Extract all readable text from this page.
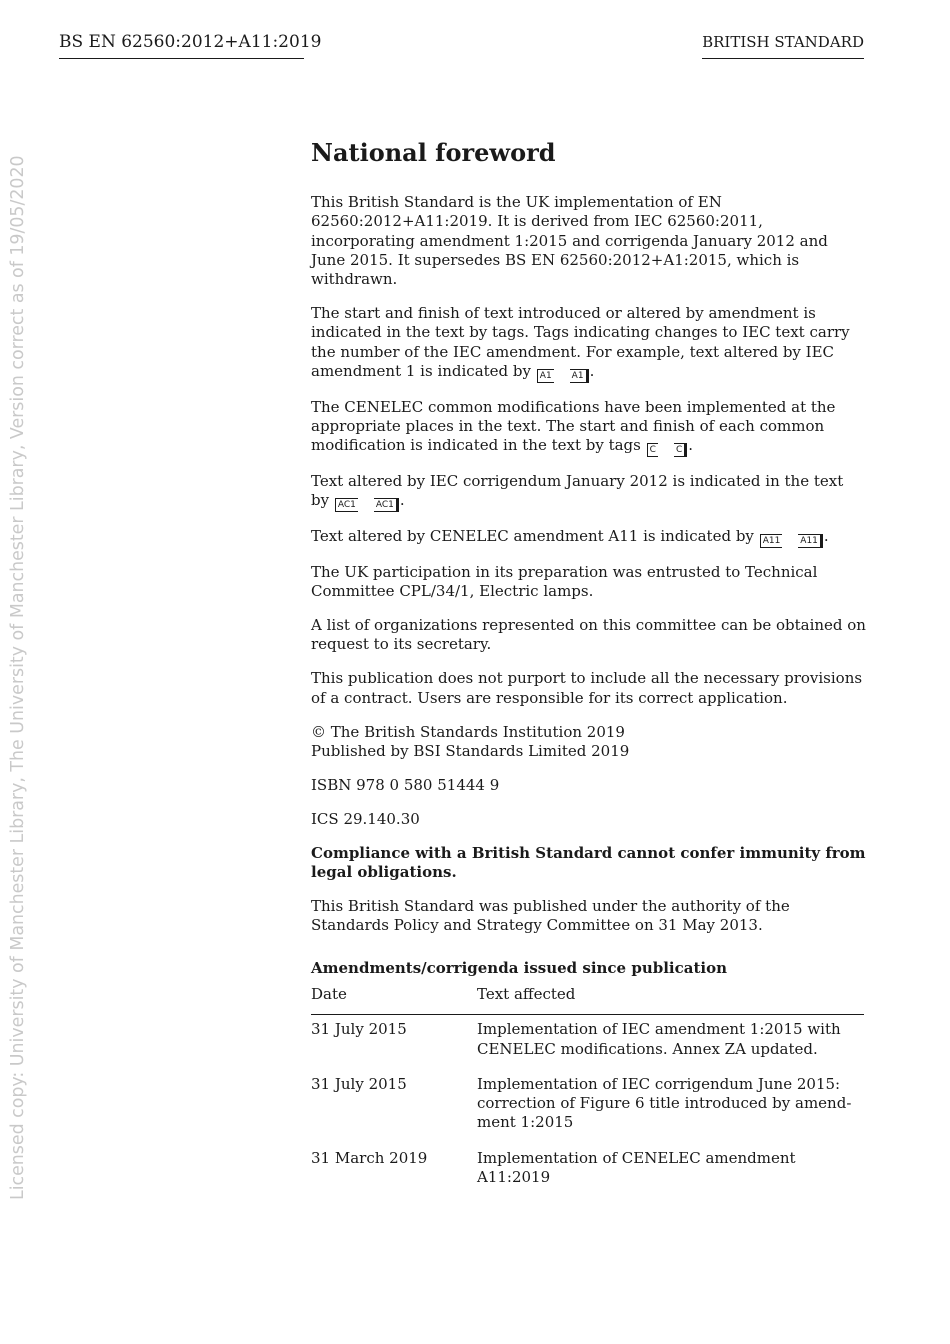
BS EN 62560:2012+A11:2019	BRITISH STANDARD
Licensed copy: University of Manchester Library, The University of Manchester Library, Version correct as of 19/05/2020
National foreword

This British Standard is the UK implementation of EN 62560:2012+A11:2019. It is derived from IEC 62560:2011, incorporating amendment 1:2015 and corrigenda January 2012 and June 2015. It supersedes BS EN 62560:2012+A1:2015, which is withdrawn.

The start and finish of text introduced or altered by amendment is indicated in the text by tags. Tags indicating changes to IEC text carry the number of the IEC amendment. For example, text altered by IEC amendment 1 is indicated by A1 A1 .

The CENELEC common modifications have been implemented at the appropriate places in the text. The start and finish of each common modification is indicated in the text by tags C C .

Text altered by IEC corrigendum January 2012 is indicated in the text by AC1 AC1 .

Text altered by CENELEC amendment A11 is indicated by A11 A11 .

The UK participation in its preparation was entrusted to Technical Committee CPL/34/1, Electric lamps.

A list of organizations represented on this committee can be obtained on request to its secretary.

This publication does not purport to include all the necessary provisions of a contract. Users are responsible for its correct application.

© The British Standards Institution 2019
Published by BSI Standards Limited 2019

ISBN 978 0 580 51444 9

ICS 29.140.30

Compliance with a British Standard cannot confer immunity from legal obligations.

This British Standard was published under the authority of the Standards Policy and Strategy Committee on 31 May 2013.

Amendments/corrigenda issued since publication
Date	Text affected
31 July 2015	Implementation of IEC amendment 1:2015 with CENELEC modifications. Annex ZA updated.
31 July 2015	Implementation of IEC corrigendum June 2015: correction of Figure 6 title introduced by amend-ment 1:2015
31 March 2019	Implementation of CENELEC amendment A11:2019
